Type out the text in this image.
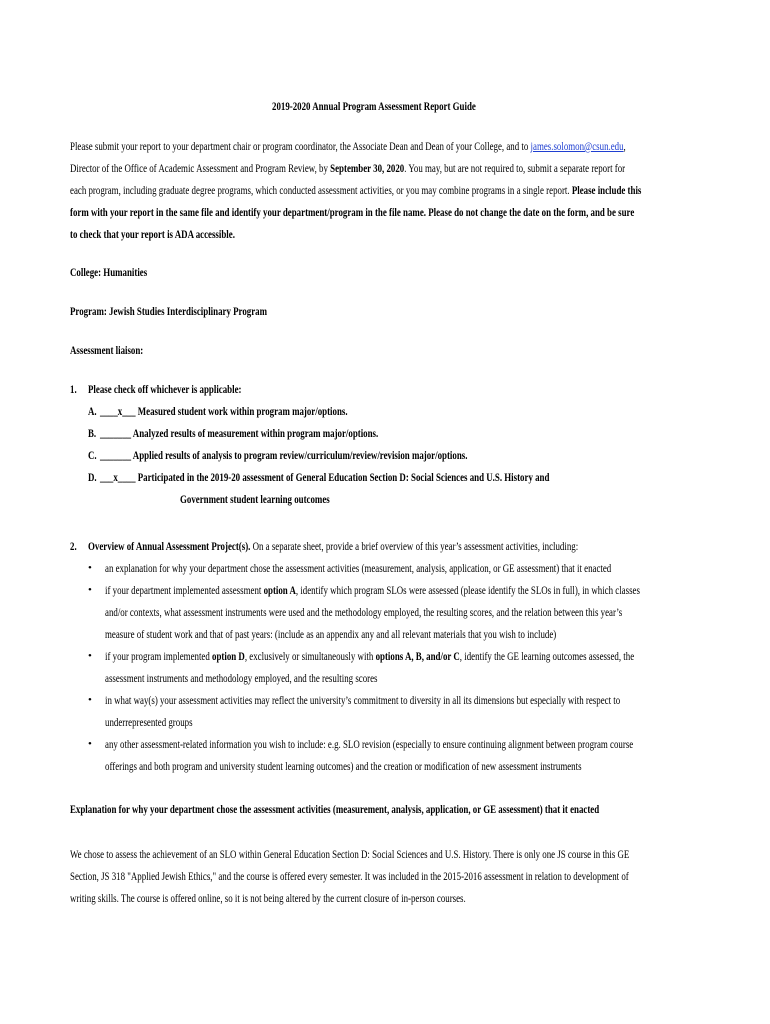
2019-2020 Annual Program Assessment Report Guide
Please submit your report to your department chair or program coordinator, the Associate Dean and Dean of your College, and to james.solomon@csun.edu,
Director of the Office of Academic Assessment and Program Review, by September 30, 2020. You may, but are not required to, submit a separate report for
each program, including graduate degree programs, which conducted assessment activities, or you may combine programs in a single report. Please include this
form with your report in the same file and identify your department/program in the file name. Please do not change the date on the form, and be sure
to check that your report is ADA accessible.
College: Humanities
Program: Jewish Studies Interdisciplinary Program
Assessment liaison:
1. Please check off whichever is applicable:
A. ____x___ Measured student work within program major/options.
B. _______ Analyzed results of measurement within program major/options.
C. _______ Applied results of analysis to program review/curriculum/review/revision major/options.
D. ___x____ Participated in the 2019-20 assessment of General Education Section D: Social Sciences and U.S. History and
Government student learning outcomes
2. Overview of Annual Assessment Project(s). On a separate sheet, provide a brief overview of this year’s assessment activities, including:
• an explanation for why your department chose the assessment activities (measurement, analysis, application, or GE assessment) that it enacted
• if your department implemented assessment option A, identify which program SLOs were assessed (please identify the SLOs in full), in which classes
and/or contexts, what assessment instruments were used and the methodology employed, the resulting scores, and the relation between this year’s
measure of student work and that of past years: (include as an appendix any and all relevant materials that you wish to include)
• if your program implemented option D, exclusively or simultaneously with options A, B, and/or C, identify the GE learning outcomes assessed, the
assessment instruments and methodology employed, and the resulting scores
• in what way(s) your assessment activities may reflect the university’s commitment to diversity in all its dimensions but especially with respect to
underrepresented groups
• any other assessment-related information you wish to include: e.g. SLO revision (especially to ensure continuing alignment between program course
offerings and both program and university student learning outcomes) and the creation or modification of new assessment instruments
Explanation for why your department chose the assessment activities (measurement, analysis, application, or GE assessment) that it enacted
We chose to assess the achievement of an SLO within General Education Section D: Social Sciences and U.S. History. There is only one JS course in this GE
Section, JS 318 "Applied Jewish Ethics," and the course is offered every semester. It was included in the 2015-2016 assessment in relation to development of
writing skills. The course is offered online, so it is not being altered by the current closure of in-person courses.
